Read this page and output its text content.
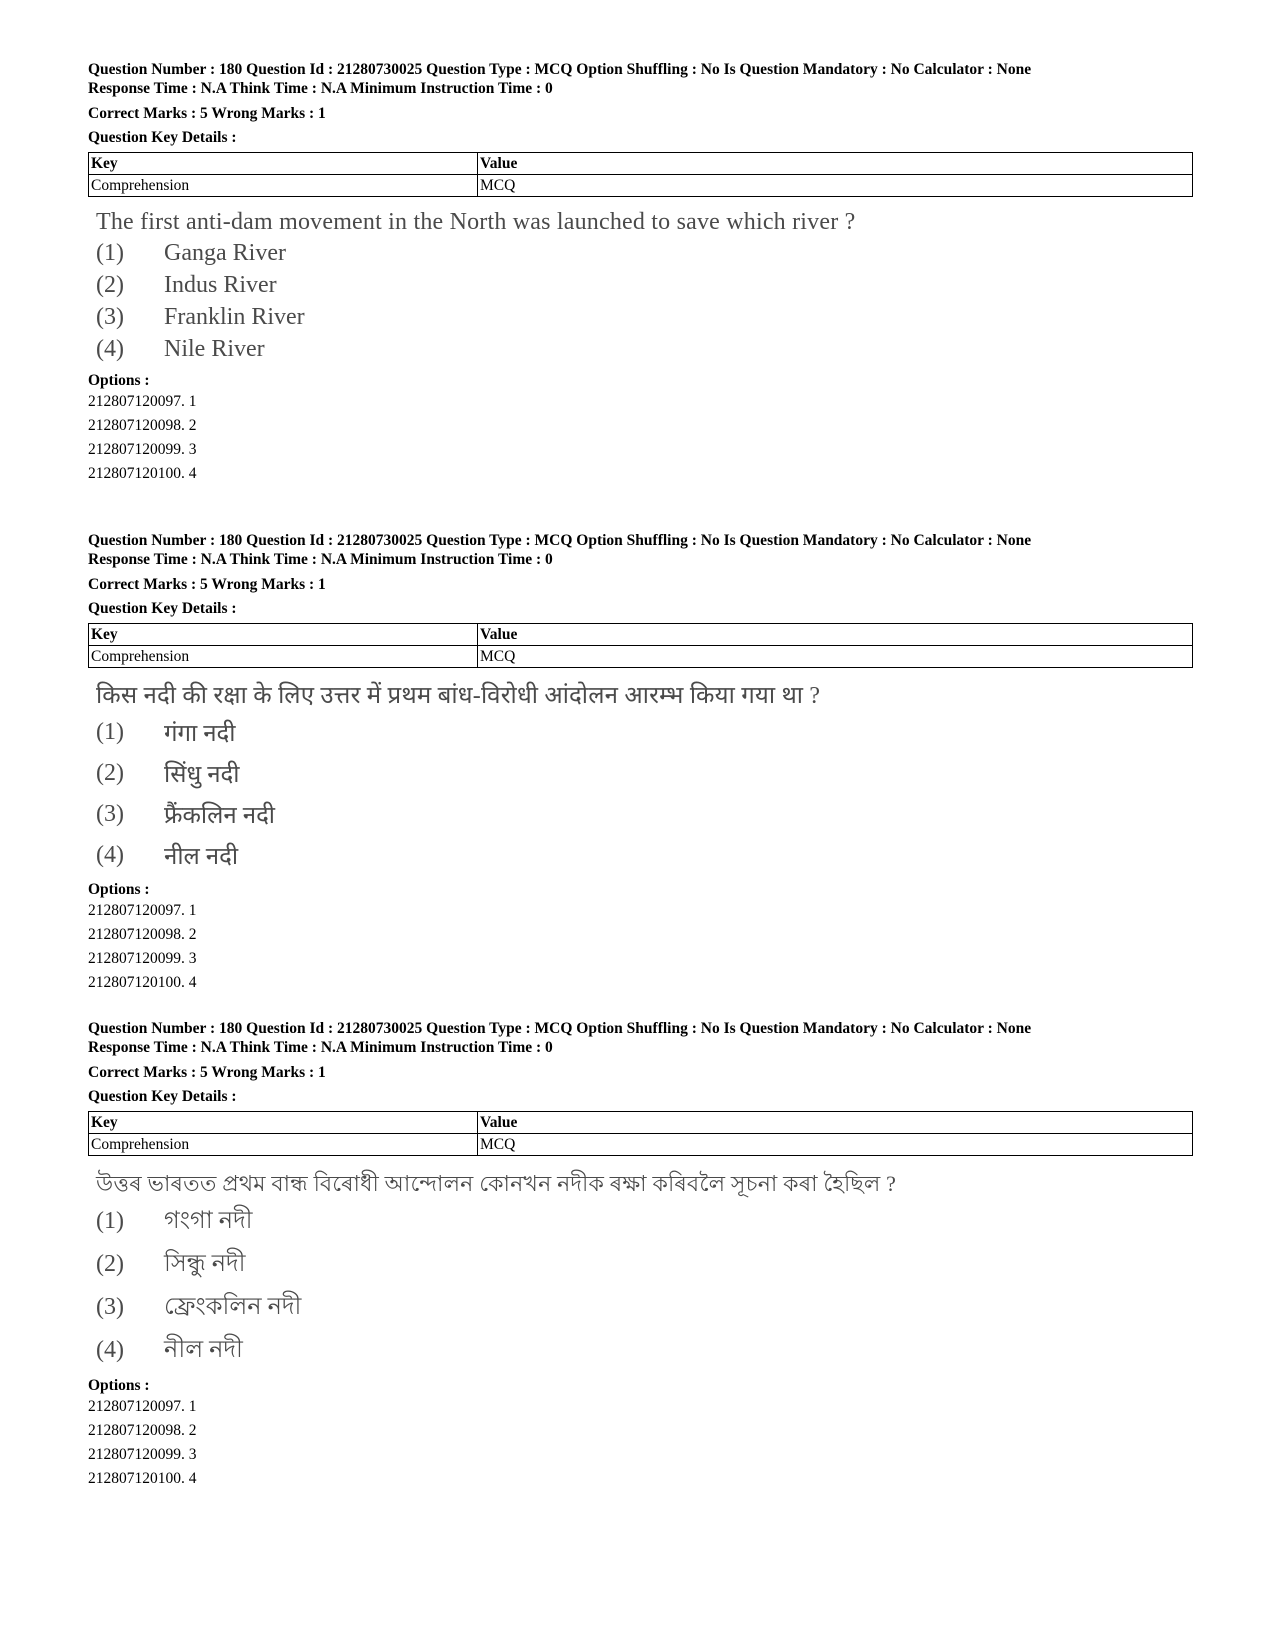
Question Number : 180 Question Id : 21280730025 Question Type : MCQ Option Shuffling : No Is Question Mandatory : No Calculator : None
Response Time : N.A Think Time : N.A Minimum Instruction Time : 0
Correct Marks : 5 Wrong Marks : 1
Question Key Details :
Key	Value
Comprehension	MCQ
The first anti-dam movement in the North was launched to save which river ?
(1)	Ganga River
(2)	Indus River
(3)	Franklin River
(4)	Nile River
Options :
212807120097. 1
212807120098. 2
212807120099. 3
212807120100. 4
Question Number : 180 Question Id : 21280730025 Question Type : MCQ Option Shuffling : No Is Question Mandatory : No Calculator : None
Response Time : N.A Think Time : N.A Minimum Instruction Time : 0
Correct Marks : 5 Wrong Marks : 1
Question Key Details :
Key	Value
Comprehension	MCQ
किस नदी की रक्षा के लिए उत्तर में प्रथम बांध-विरोधी आंदोलन आरम्भ किया गया था ?
(1)	गंगा नदी
(2)	सिंधु नदी
(3)	फ्रैंकलिन नदी
(4)	नील नदी
Options :
212807120097. 1
212807120098. 2
212807120099. 3
212807120100. 4
Question Number : 180 Question Id : 21280730025 Question Type : MCQ Option Shuffling : No Is Question Mandatory : No Calculator : None
Response Time : N.A Think Time : N.A Minimum Instruction Time : 0
Correct Marks : 5 Wrong Marks : 1
Question Key Details :
Key	Value
Comprehension	MCQ
উত্তৰ ভাৰতত প্ৰথম বান্ধ বিৰোধী আন্দোলন কোনখন নদীক ৰক্ষা কৰিবলৈ সূচনা কৰা হৈছিল ?
(1)	গংগা নদী
(2)	সিন্ধু নদী
(3)	ফ্ৰেংকলিন নদী
(4)	নীল নদী
Options :
212807120097. 1
212807120098. 2
212807120099. 3
212807120100. 4
